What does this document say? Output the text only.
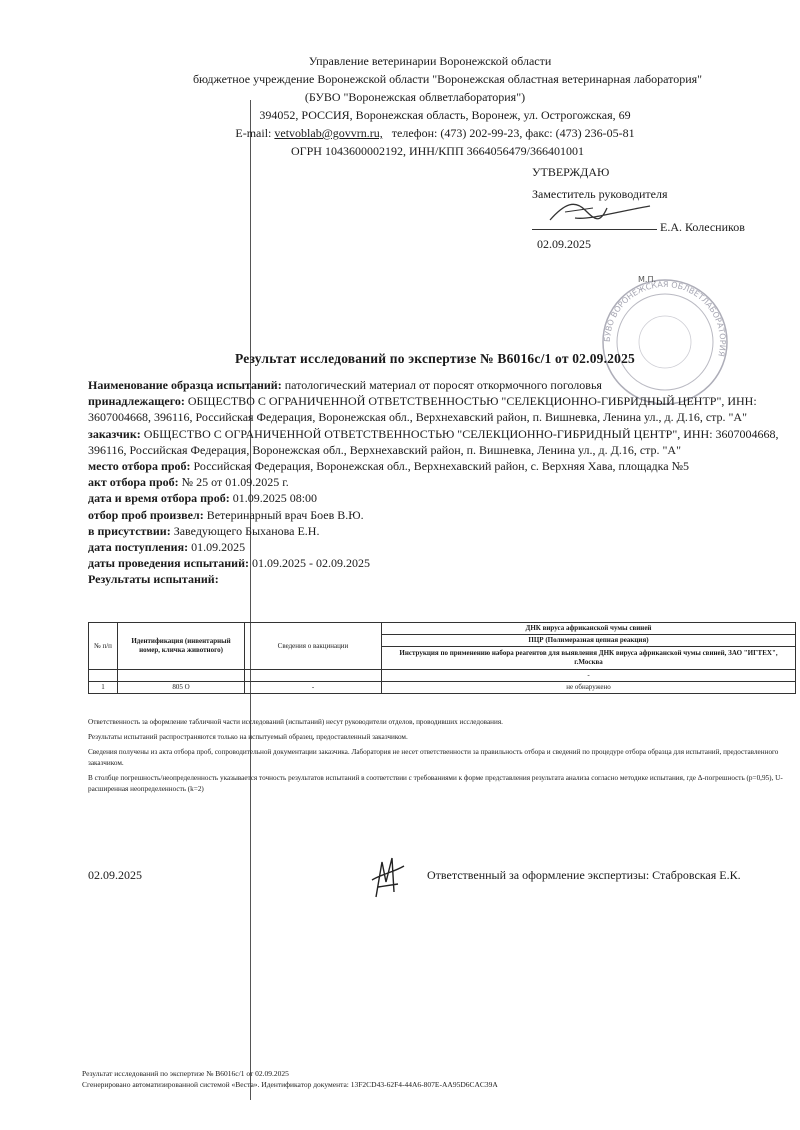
Управление ветеринарии Воронежской области
бюджетное учреждение Воронежской области "Воронежская областная ветеринарная лаборатория"
(БУВО "Воронежская облветлаборатория")
394052, РОССИЯ, Воронежская область, Воронеж, ул. Острогожская, 69
E-mail: vetvoblab@govvrn.ru, телефон: (473) 202-99-23, факс: (473) 236-05-81
ОГРН 1043600002192, ИНН/КПП 3664056479/366401001
УТВЕРЖДАЮ
Заместитель руководителя
Е.А. Колесников
02.09.2025
БУВО ВОРОНЕЖСКАЯ ОБЛВЕТЛАБОРАТОРИЯ
М.П.
Результат исследований по экспертизе № В6016с/1 от 02.09.2025

Наименование образца испытаний: патологический материал от поросят откормочного поголовья

принадлежащего: ОБЩЕСТВО С ОГРАНИЧЕННОЙ ОТВЕТСТВЕННОСТЬЮ "СЕЛЕКЦИОННО-ГИБРИДНЫЙ ЦЕНТР", ИНН: 3607004668, 396116, Российская Федерация, Воронежская обл., Верхнехавский район, п. Вишневка, Ленина ул., д. Д.16, стр. "А"

заказчик: ОБЩЕСТВО С ОГРАНИЧЕННОЙ ОТВЕТСТВЕННОСТЬЮ "СЕЛЕКЦИОННО-ГИБРИДНЫЙ ЦЕНТР", ИНН: 3607004668, 396116, Российская Федерация, Воронежская обл., Верхнехавский район, п. Вишневка, Ленина ул., д. Д.16, стр. "А"

место отбора проб: Российская Федерация, Воронежская обл., Верхнехавский район, с. Верхняя Хава, площадка №5

акт отбора проб: № 25 от 01.09.2025 г.

дата и время отбора проб: 01.09.2025 08:00

отбор проб произвел: Ветеринарный врач Боев В.Ю.

в присутствии: Заведующего Быханова Е.Н.

дата поступления: 01.09.2025

даты проведения испытаний: 01.09.2025 - 02.09.2025

Результаты испытаний:

№ п/п	Идентификация (инвентарный номер, кличка животного)	Сведения о вакцинации	ДНК вируса африканской чумы свиней
			ПЦР (Полимеразная цепная реакция)
			Инструкция по применению набора реагентов для выявления ДНК вируса африканской чумы свиней, ЗАО "ИГТЕХ", г.Москва
			-
1	805 О	-	не обнаружено

Ответственность за оформление табличной части исследований (испытаний) несут руководители отделов, проводивших исследования.

Результаты испытаний распространяются только на испытуемый образец, предоставленный заказчиком.

Сведения получены из акта отбора проб, сопроводительной документации заказчика. Лаборатория не несет ответственности за правильность отбора и сведений по процедуре отбора образца для испытаний, предоставленного заказчиком.

В столбце погрешность/неопределенность указывается точность результатов испытаний в соответствии с требованиями к форме представления результата анализа согласно методике испытания, где Δ-погрешность (p=0,95), U-расширенная неопределенность (k=2)

02.09.2025	Ответственный за оформление экспертизы: Стабровская Е.К.
Результат исследований по экспертизе № В6016с/1 от 02.09.2025
Сгенерировано автоматизированной системой «Веста». Идентификатор документа: 13F2CD43-62F4-44A6-807E-AA95D6CAC39A
